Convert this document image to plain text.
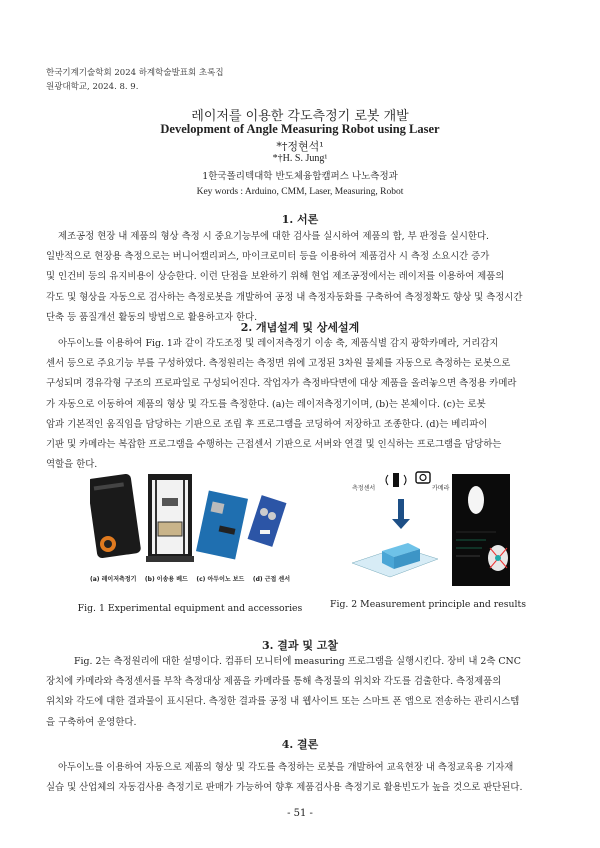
한국기계기술학회 2024 하계학술발표회 초록집
원광대학교, 2024. 8. 9.
레이저를 이용한 각도측정기 로봇 개발
Development of Angle Measuring Robot using Laser
*†정현석¹
*†H. S. Jung¹
1한국폴리텍대학 반도체융합캠퍼스 나노측정과
Key words : Arduino, CMM, Laser, Measuring, Robot
1. 서론
제조공정 현장 내 제품의 형상 측정 시 중요기능부에 대한 검사를 실시하여 제품의 합, 부 판정을 실시한다.
일반적으로 현장용 측정으로는 버니어캘리퍼스, 마이크로미터 등을 이용하여 제품검사 시 측정 소요시간 증가
및 인건비 등의 유지비용이 상승한다. 이런 단점을 보완하기 위해 현업 제조공정에서는 레이저를 이용하여 제품의
각도 및 형상을 자동으로 검사하는 측정로봇을 개발하여 공정 내 측정자동화를 구축하여 측정정확도 향상 및 측정시간
단축 등 품질개선 활동의 방법으로 활용하고자 한다.
2. 개념설계 및 상세설계
아두이노를 이용하여 Fig. 1과 같이 각도조정 및 레이저측정기 이송 축, 제품식별 감지 광학카메라, 거리감지
센서 등으로 주요기능 부를 구성하였다. 측정원리는 측정면 위에 고정된 3차원 물체를 자동으로 측정하는 로봇으로
구성되며 경유각형 구조의 프로파일로 구성되어진다. 작업자가 측정바닥면에 대상 제품을 올려놓으면 측정용 카메라
가 자동으로 이동하여 제품의 형상 및 각도를 측정한다. (a)는 레이저측정기이며, (b)는 본체이다. (c)는 로봇
암과 기본적인 움직임을 담당하는 기판으로 조립 후 프로그램을 코딩하여 저장하고 조종한다. (d)는 베리파이
기판 및 카메라는 복잡한 프로그램을 수행하는 근접센서 기판으로 서버와 연결 및 인식하는 프로그램을 담당하는
역할을 한다.
(a) 레이저측정기 (b) 이송용 베드 (c) 아두이노 보드 (d) 근접 센서
Fig. 1 Experimental equipment and accessories
측정센서	카메라
Fig. 2 Measurement principle and results
3. 결과 및 고찰
Fig. 2는 측정원리에 대한 설명이다. 컴퓨터 모니터에 measuring 프로그램을 실행시킨다. 장비 내 2축 CNC
장치에 카메라와 측정센서를 부착 측정대상 제품을 카메라를 통해 측정물의 위치와 각도를 검출한다. 측정제품의
위치와 각도에 대한 결과물이 표시된다. 측정한 결과를 공정 내 웹사이트 또는 스마트 폰 앱으로 전송하는 관리시스템
을 구축하여 운영한다.
4. 결론
아두이노를 이용하여 자동으로 제품의 형상 및 각도를 측정하는 로봇을 개발하여 교육현장 내 측정교육용 기자재
실습 및 산업체의 자동검사용 측정기로 판매가 가능하여 향후 제품검사용 측정기로 활용빈도가 높을 것으로 판단된다.
- 51 -
